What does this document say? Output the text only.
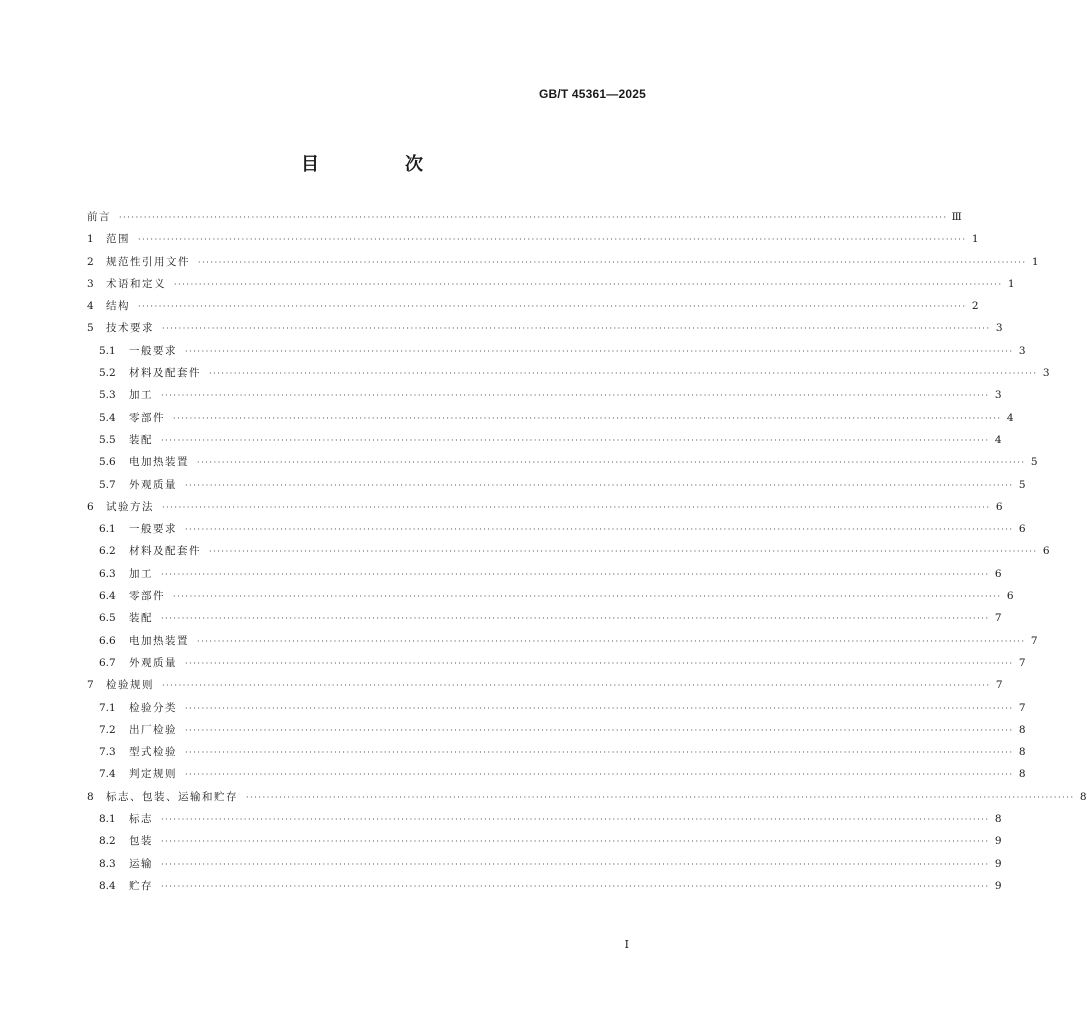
GB/T 45361—2025
目　次
前言 ········································································································································································································ Ⅲ
1	范围 ········································································································································································································ 1
2	规范性引用文件 ········································································································································································································ 1
3	术语和定义 ········································································································································································································ 1
4	结构 ········································································································································································································ 2
5	技术要求 ········································································································································································································ 3
5.1	一般要求 ········································································································································································································ 3
5.2	材料及配套件 ········································································································································································································ 3
5.3	加工 ········································································································································································································ 3
5.4	零部件 ········································································································································································································ 4
5.5	装配 ········································································································································································································ 4
5.6	电加热装置 ········································································································································································································ 5
5.7	外观质量 ········································································································································································································ 5
6	试验方法 ········································································································································································································ 6
6.1	一般要求 ········································································································································································································ 6
6.2	材料及配套件 ········································································································································································································ 6
6.3	加工 ········································································································································································································ 6
6.4	零部件 ········································································································································································································ 6
6.5	装配 ········································································································································································································ 7
6.6	电加热装置 ········································································································································································································ 7
6.7	外观质量 ········································································································································································································ 7
7	检验规则 ········································································································································································································ 7
7.1	检验分类 ········································································································································································································ 7
7.2	出厂检验 ········································································································································································································ 8
7.3	型式检验 ········································································································································································································ 8
7.4	判定规则 ········································································································································································································ 8
8	标志、包装、运输和贮存 ········································································································································································································ 8
8.1	标志 ········································································································································································································ 8
8.2	包装 ········································································································································································································ 9
8.3	运输 ········································································································································································································ 9
8.4	贮存 ········································································································································································································ 9
I
